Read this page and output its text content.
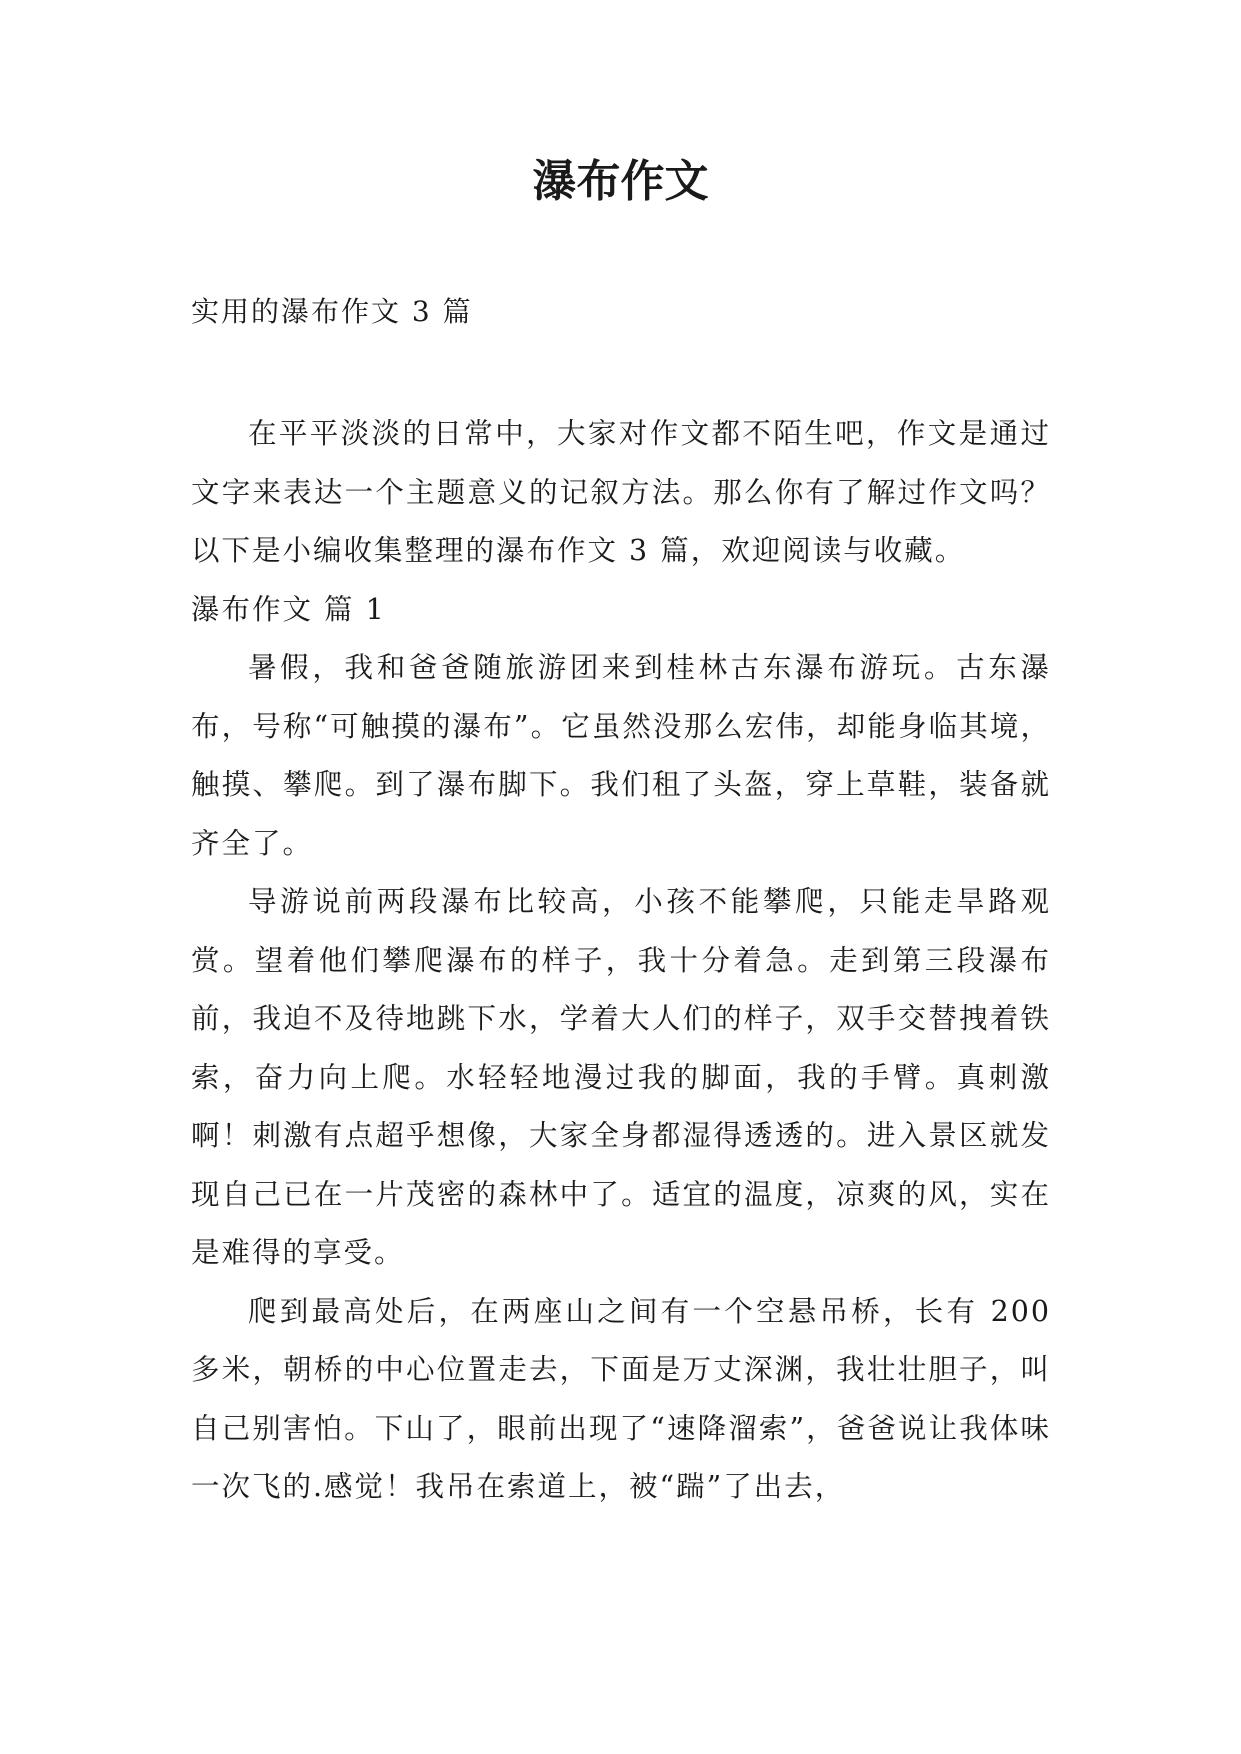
瀑布作文

实用的瀑布作文 3 篇

在平平淡淡的日常中，大家对作文都不陌生吧，作文是通过文字来表达一个主题意义的记叙方法。那么你有了解过作文吗？以下是小编收集整理的瀑布作文 3 篇，欢迎阅读与收藏。

瀑布作文 篇 1

暑假，我和爸爸随旅游团来到桂林古东瀑布游玩。古东瀑布，号称“可触摸的瀑布”。它虽然没那么宏伟，却能身临其境，触摸、攀爬。到了瀑布脚下。我们租了头盔，穿上草鞋，装备就齐全了。

导游说前两段瀑布比较高，小孩不能攀爬，只能走旱路观赏。望着他们攀爬瀑布的样子，我十分着急。走到第三段瀑布前，我迫不及待地跳下水，学着大人们的样子，双手交替拽着铁索，奋力向上爬。水轻轻地漫过我的脚面，我的手臂。真刺激啊！刺激有点超乎想像，大家全身都湿得透透的。进入景区就发现自己已在一片茂密的森林中了。适宜的温度，凉爽的风，实在是难得的享受。

爬到最高处后，在两座山之间有一个空悬吊桥，长有 200 多米，朝桥的中心位置走去，下面是万丈深渊，我壮壮胆子，叫自己别害怕。下山了，眼前出现了“速降溜索”，爸爸说让我体味一次飞的.感觉！我吊在索道上，被“踹”了出去，
